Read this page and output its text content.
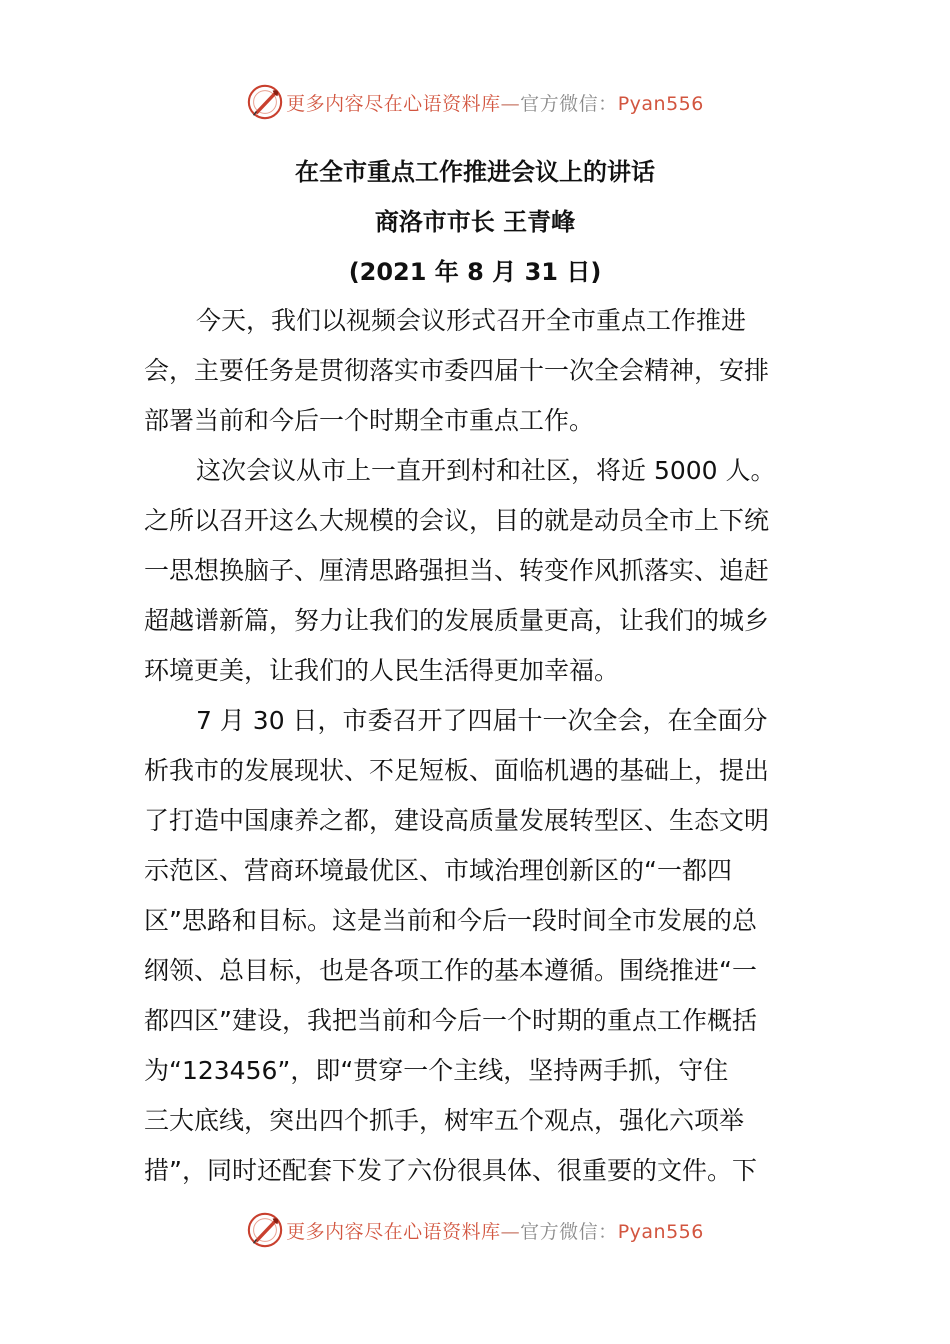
更多内容尽在心语资料库—官方微信：Pyan556
在全市重点工作推进会议上的讲话
商洛市市长 王青峰
(2021 年 8 月 31 日)
今天，我们以视频会议形式召开全市重点工作推进
会，主要任务是贯彻落实市委四届十一次全会精神，安排
部署当前和今后一个时期全市重点工作。
这次会议从市上一直开到村和社区，将近 5000 人。
之所以召开这么大规模的会议，目的就是动员全市上下统
一思想换脑子、厘清思路强担当、转变作风抓落实、追赶
超越谱新篇，努力让我们的发展质量更高，让我们的城乡
环境更美，让我们的人民生活得更加幸福。
7 月 30 日，市委召开了四届十一次全会，在全面分
析我市的发展现状、不足短板、面临机遇的基础上，提出
了打造中国康养之都，建设高质量发展转型区、生态文明
示范区、营商环境最优区、市域治理创新区的“一都四
区”思路和目标。这是当前和今后一段时间全市发展的总
纲领、总目标，也是各项工作的基本遵循。围绕推进“一
都四区”建设，我把当前和今后一个时期的重点工作概括
为“123456”，即“贯穿一个主线，坚持两手抓，守住
三大底线，突出四个抓手，树牢五个观点，强化六项举
措”，同时还配套下发了六份很具体、很重要的文件。下
更多内容尽在心语资料库—官方微信：Pyan556
